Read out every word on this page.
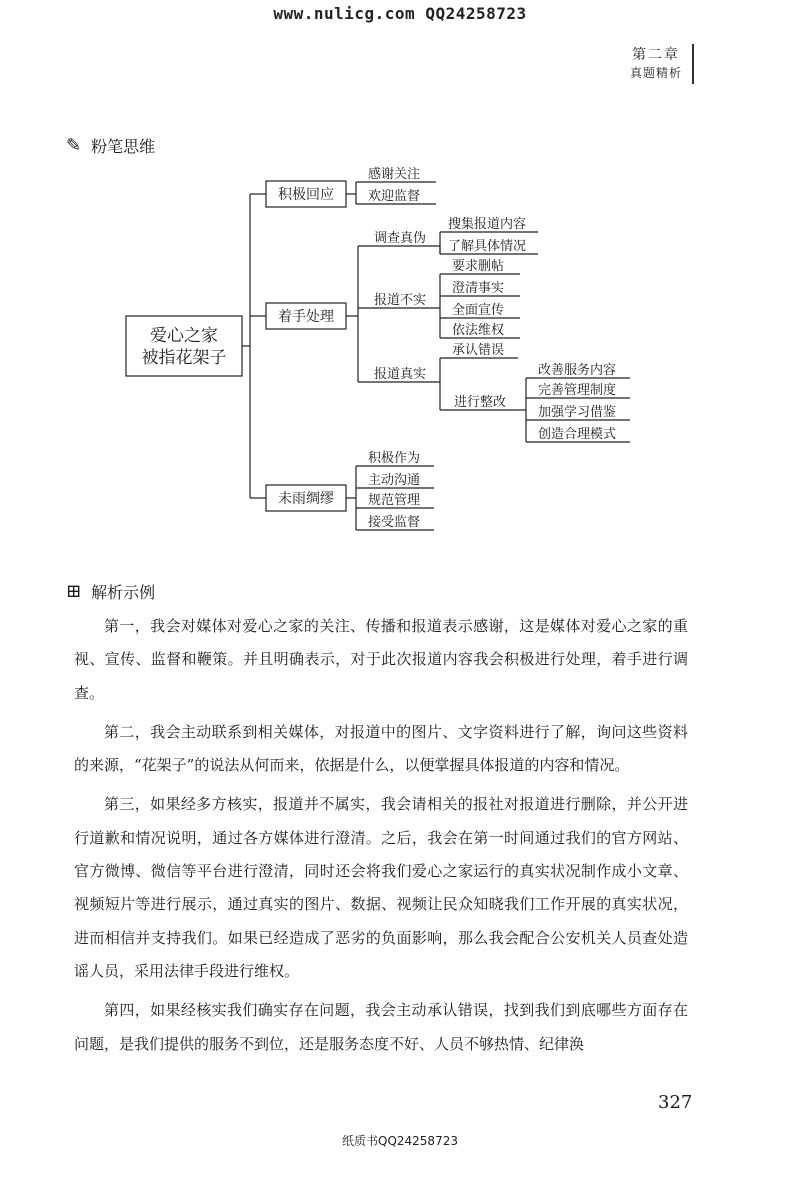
www.nulicg.com QQ24258723
第二章
真题精析
✎ 粉笔思维
爱心之家
被指花架子
积极回应
着手处理
未雨绸缪
感谢关注
欢迎监督
调查真伪
报道不实
报道真实
搜集报道内容
了解具体情况
要求删帖
澄清事实
全面宣传
依法维权
承认错误
进行整改
改善服务内容
完善管理制度
加强学习借鉴
创造合理模式
积极作为
主动沟通
规范管理
接受监督
⊞ 解析示例

第一，我会对媒体对爱心之家的关注、传播和报道表示感谢，这是媒体对爱心之家的重视、宣传、监督和鞭策。并且明确表示，对于此次报道内容我会积极进行处理，着手进行调查。

第二，我会主动联系到相关媒体，对报道中的图片、文字资料进行了解，询问这些资料的来源，“花架子”的说法从何而来，依据是什么，以便掌握具体报道的内容和情况。

第三，如果经多方核实，报道并不属实，我会请相关的报社对报道进行删除，并公开进行道歉和情况说明，通过各方媒体进行澄清。之后，我会在第一时间通过我们的官方网站、官方微博、微信等平台进行澄清，同时还会将我们爱心之家运行的真实状况制作成小文章、视频短片等进行展示，通过真实的图片、数据、视频让民众知晓我们工作开展的真实状况，进而相信并支持我们。如果已经造成了恶劣的负面影响，那么我会配合公安机关人员查处造谣人员，采用法律手段进行维权。

第四，如果经核实我们确实存在问题，我会主动承认错误，找到我们到底哪些方面存在问题，是我们提供的服务不到位，还是服务态度不好、人员不够热情、纪律涣

327
纸质书QQ24258723
